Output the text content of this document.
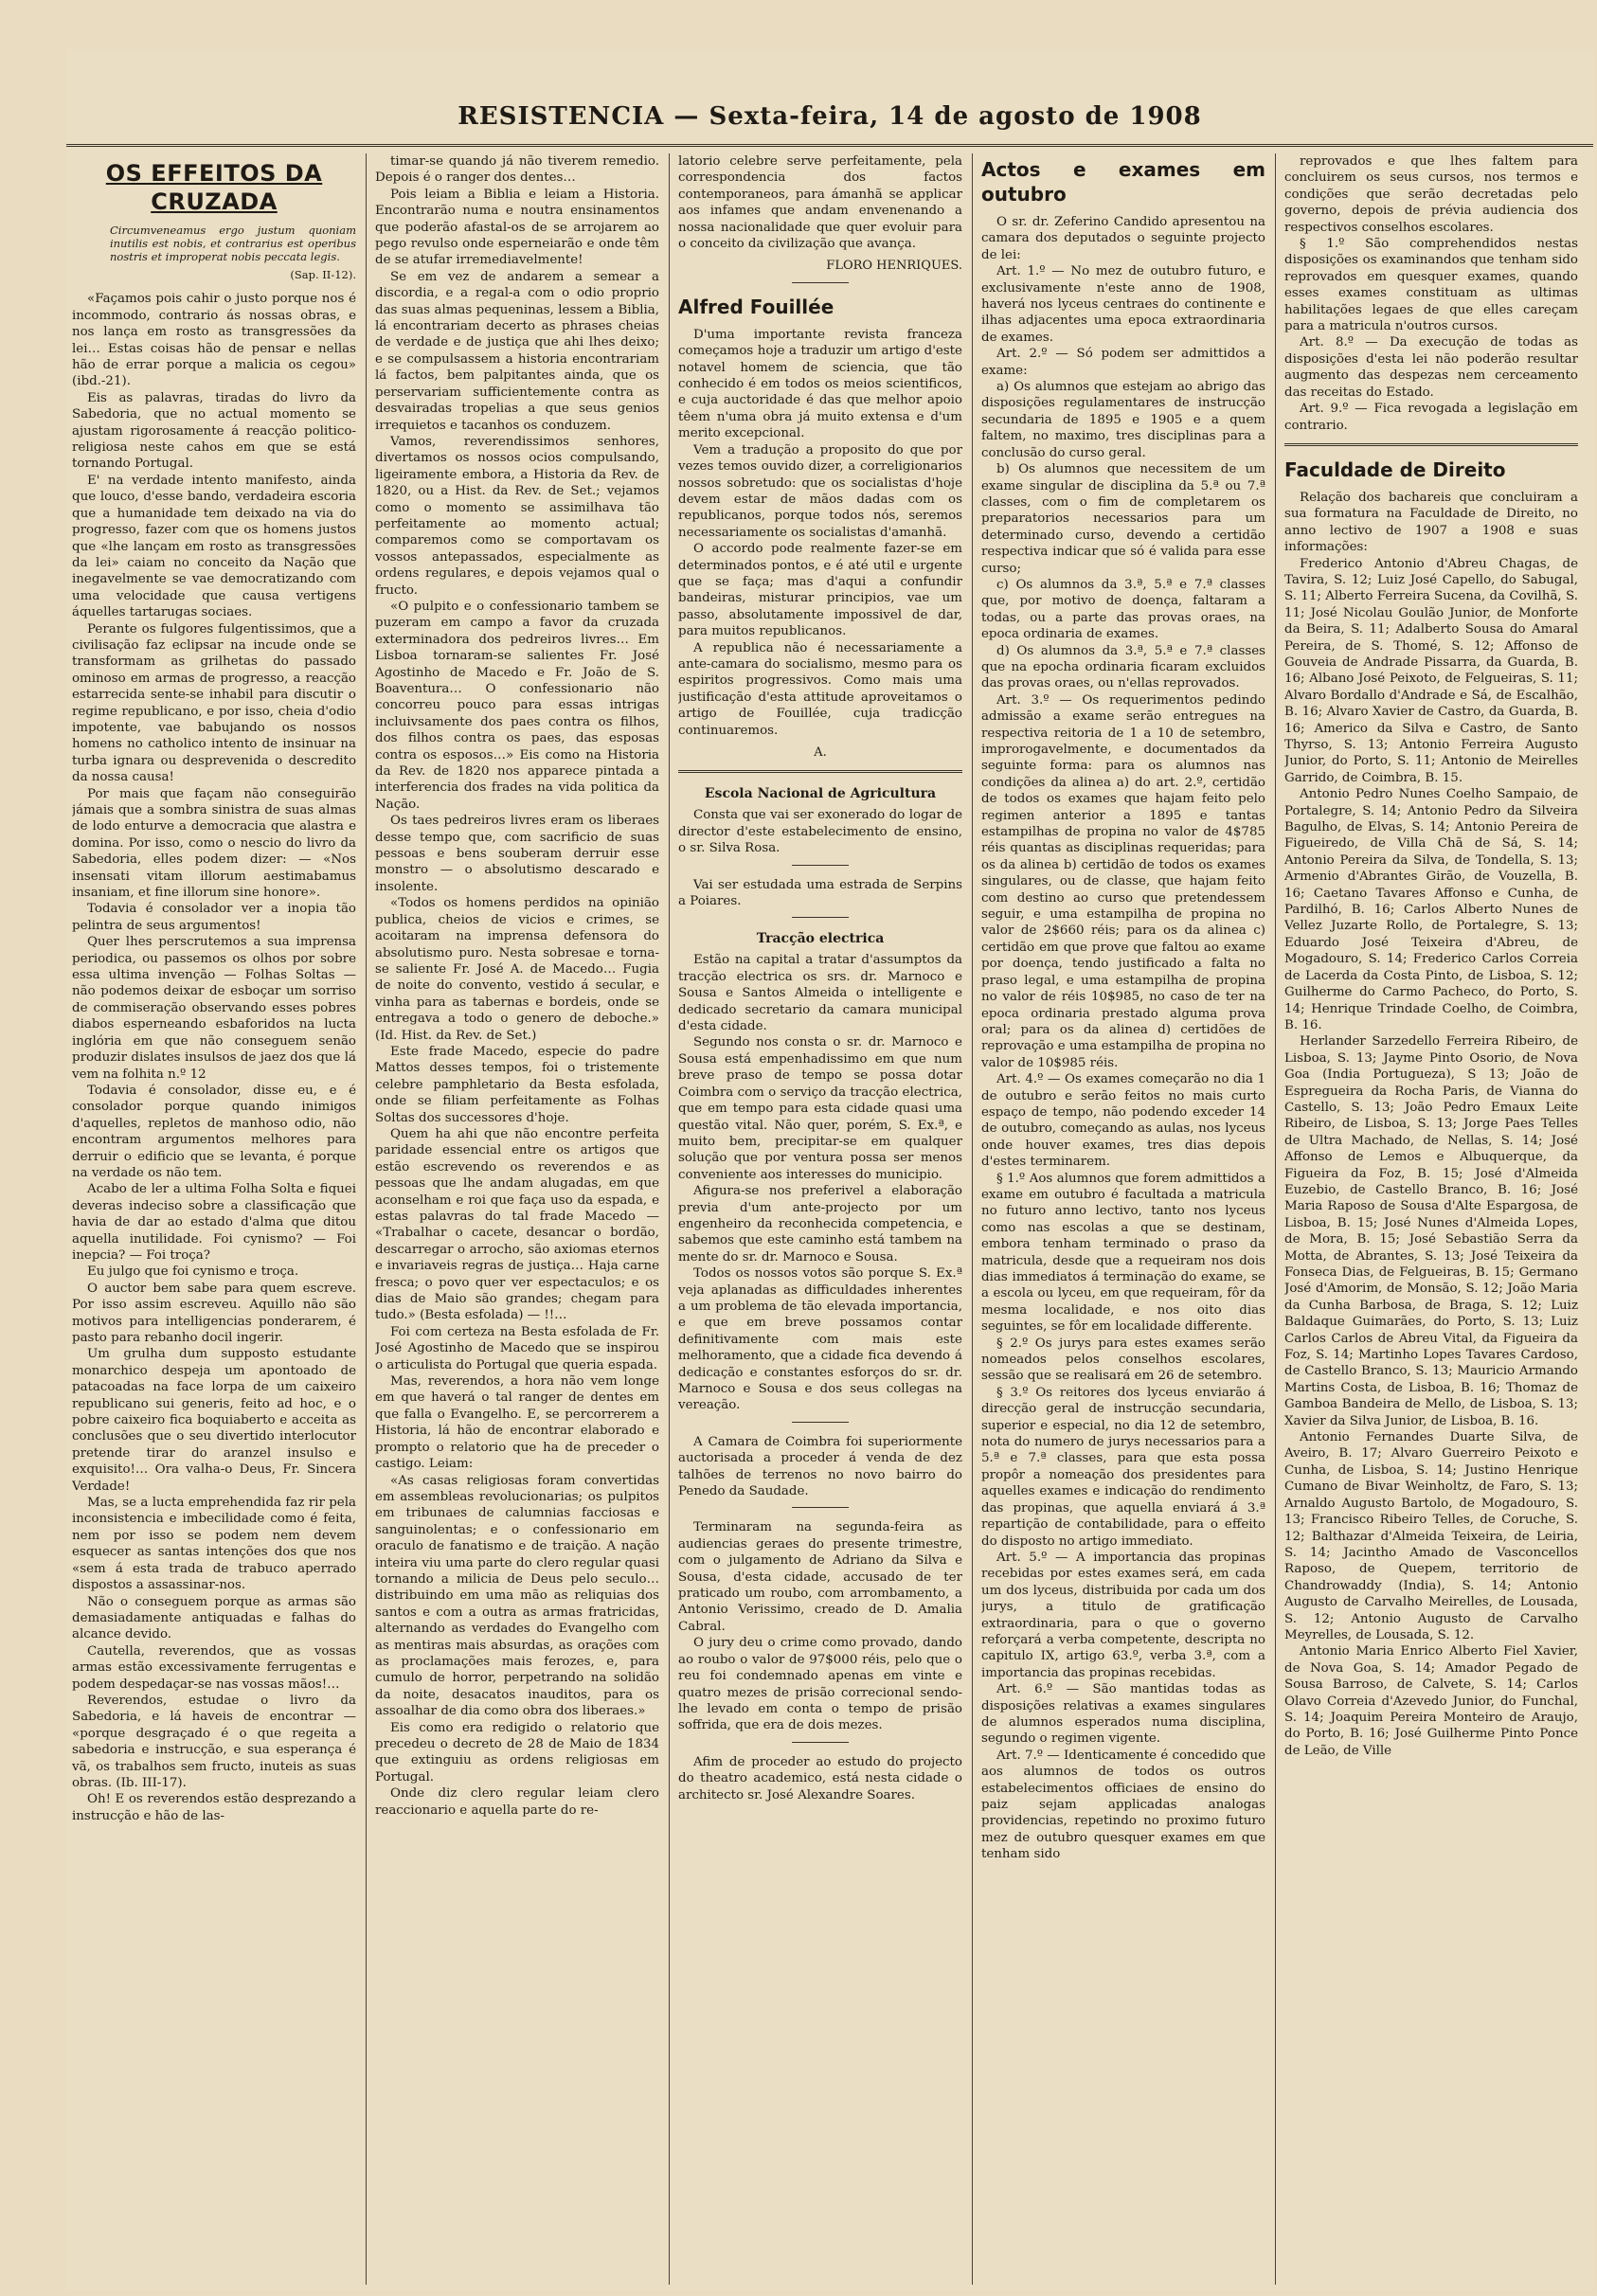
RESISTENCIA — Sexta-feira, 14 de agosto de 1908
OS EFFEITOS DA CRUZADA
Circumveneamus ergo justum quoniam inutilis est nobis, et contrarius est operibus nostris et improperat nobis peccata legis.
(Sap. II-12).

«Façamos pois cahir o justo porque nos é incommodo, contrario ás nossas obras, e nos lança em rosto as transgressões da lei… Estas coisas hão de pensar e nellas hão de errar porque a malicia os cegou» (ibd.-21).

Eis as palavras, tiradas do livro da Sabedoria, que no actual momento se ajustam rigorosamente á reacção politico-religiosa neste cahos em que se está tornando Portugal.

E' na verdade intento manifesto, ainda que louco, d'esse bando, verdadeira escoria que a humanidade tem deixado na via do progresso, fazer com que os homens justos que «lhe lançam em rosto as transgressões da lei» caiam no conceito da Nação que inegavelmente se vae democratizando com uma velocidade que causa vertigens áquelles tartarugas sociaes.

Perante os fulgores fulgentissimos, que a civilisação faz eclipsar na incude onde se transformam as grilhetas do passado ominoso em armas de progresso, a reacção estarrecida sente-se inhabil para discutir o regime republicano, e por isso, cheia d'odio impotente, vae babujando os nossos homens no catholico intento de insinuar na turba ignara ou desprevenida o descredito da nossa causa!

Por mais que façam não conseguirão jámais que a sombra sinistra de suas almas de lodo enturve a democracia que alastra e domina. Por isso, como o nescio do livro da Sabedoria, elles podem dizer: — «Nos insensati vitam illorum aestimabamus insaniam, et fine illorum sine honore».

Todavia é consolador ver a inopia tão pelintra de seus argumentos!

Quer lhes perscrutemos a sua imprensa periodica, ou passemos os olhos por sobre essa ultima invenção — Folhas Soltas — não podemos deixar de esboçar um sorriso de commiseração observando esses pobres diabos esperneando esbaforidos na lucta inglória em que não conseguem senão produzir dislates insulsos de jaez dos que lá vem na folhita n.º 12

Todavia é consolador, disse eu, e é consolador porque quando inimigos d'aquelles, repletos de manhoso odio, não encontram argumentos melhores para derruir o edificio que se levanta, é porque na verdade os não tem.

Acabo de ler a ultima Folha Solta e fiquei deveras indeciso sobre a classificação que havia de dar ao estado d'alma que ditou aquella inutilidade. Foi cynismo? — Foi inepcia? — Foi troça?

Eu julgo que foi cynismo e troça.

O auctor bem sabe para quem escreve. Por isso assim escreveu. Aquillo não são motivos para intelligencias ponderarem, é pasto para rebanho docil ingerir.

Um grulha dum supposto estudante monarchico despeja um apontoado de patacoadas na face lorpa de um caixeiro republicano sui generis, feito ad hoc, e o pobre caixeiro fica boquiaberto e acceita as conclusões que o seu divertido interlocutor pretende tirar do aranzel insulso e exquisito!… Ora valha-o Deus, Fr. Sincera Verdade!

Mas, se a lucta emprehendida faz rir pela inconsistencia e imbecilidade como é feita, nem por isso se podem nem devem esquecer as santas intenções dos que nos «sem á esta trada de trabuco aperrado dispostos a assassinar-nos.

Não o conseguem porque as armas são demasiadamente antiquadas e falhas do alcance devido.

Cautella, reverendos, que as vossas armas estão excessivamente ferrugentas e podem despedaçar-se nas vossas mãos!…

Reverendos, estudae o livro da Sabedoria, e lá haveis de encontrar — «porque desgraçado é o que regeita a sabedoria e instrucção, e sua esperança é vã, os trabalhos sem fructo, inuteis as suas obras. (Ib. III-17).

Oh! E os reverendos estão desprezando a instrucção e hão de las-

timar-se quando já não tiverem remedio. Depois é o ranger dos dentes…

Pois leiam a Biblia e leiam a Historia. Encontrarão numa e noutra ensinamentos que poderão afastal-os de se arrojarem ao pego revulso onde esperneiarão e onde têm de se atufar irremediavelmente!

Se em vez de andarem a semear a discordia, e a regal-a com o odio proprio das suas almas pequeninas, lessem a Biblia, lá encontrariam decerto as phrases cheias de verdade e de justiça que ahi lhes deixo; e se compulsassem a historia encontrariam lá factos, bem palpitantes ainda, que os perservariam sufficientemente contra as desvairadas tropelias a que seus genios irrequietos e tacanhos os conduzem.

Vamos, reverendissimos senhores, divertamos os nossos ocios compulsando, ligeiramente embora, a Historia da Rev. de 1820, ou a Hist. da Rev. de Set.; vejamos como o momento se assimilhava tão perfeitamente ao momento actual; comparemos como se comportavam os vossos antepassados, especialmente as ordens regulares, e depois vejamos qual o fructo.

«O pulpito e o confessionario tambem se puzeram em campo a favor da cruzada exterminadora dos pedreiros livres… Em Lisboa tornaram-se salientes Fr. José Agostinho de Macedo e Fr. João de S. Boaventura… O confessionario não concorreu pouco para essas intrigas incluivsamente dos paes contra os filhos, dos filhos contra os paes, das esposas contra os esposos…» Eis como na Historia da Rev. de 1820 nos apparece pintada a interferencia dos frades na vida politica da Nação.

Os taes pedreiros livres eram os liberaes desse tempo que, com sacrificio de suas pessoas e bens souberam derruir esse monstro — o absolutismo descarado e insolente.

«Todos os homens perdidos na opinião publica, cheios de vicios e crimes, se acoitaram na imprensa defensora do absolutismo puro. Nesta sobresae e torna-se saliente Fr. José A. de Macedo… Fugia de noite do convento, vestido á secular, e vinha para as tabernas e bordeis, onde se entregava a todo o genero de deboche.» (Id. Hist. da Rev. de Set.)

Este frade Macedo, especie do padre Mattos desses tempos, foi o tristemente celebre pamphletario da Besta esfolada, onde se filiam perfeitamente as Folhas Soltas dos successores d'hoje.

Quem ha ahi que não encontre perfeita paridade essencial entre os artigos que estão escrevendo os reverendos e as pessoas que lhe andam alugadas, em que aconselham e roi que faça uso da espada, e estas palavras do tal frade Macedo — «Trabalhar o cacete, desancar o bordão, descarregar o arrocho, são axiomas eternos e invariaveis regras de justiça… Haja carne fresca; o povo quer ver espectaculos; e os dias de Maio são grandes; chegam para tudo.» (Besta esfolada) — !!…

Foi com certeza na Besta esfolada de Fr. José Agostinho de Macedo que se inspirou o articulista do Portugal que queria espada.

Mas, reverendos, a hora não vem longe em que haverá o tal ranger de dentes em que falla o Evangelho. E, se percorrerem a Historia, lá hão de encontrar elaborado e prompto o relatorio que ha de preceder o castigo. Leiam:

«As casas religiosas foram convertidas em assembleas revolucionarias; os pulpitos em tribunaes de calumnias facciosas e sanguinolentas; e o confessionario em oraculo de fanatismo e de traição. A nação inteira viu uma parte do clero regular quasi tornando a milicia de Deus pelo seculo… distribuindo em uma mão as reliquias dos santos e com a outra as armas fratricidas, alternando as verdades do Evangelho com as mentiras mais absurdas, as orações com as proclamações mais ferozes, e, para cumulo de horror, perpetrando na solidão da noite, desacatos inauditos, para os assoalhar de dia como obra dos liberaes.»

Eis como era redigido o relatorio que precedeu o decreto de 28 de Maio de 1834 que extinguiu as ordens religiosas em Portugal.

Onde diz clero regular leiam clero reaccionario e aquella parte do re-

latorio celebre serve perfeitamente, pela correspondencia dos factos contemporaneos, para ámanhã se applicar aos infames que andam envenenando a nossa nacionalidade que quer evoluir para o conceito da civilização que avança.

FLORO HENRIQUES.
Alfred Fouillée

D'uma importante revista franceza começamos hoje a traduzir um artigo d'este notavel homem de sciencia, que tão conhecido é em todos os meios scientificos, e cuja auctoridade é das que melhor apoio têem n'uma obra já muito extensa e d'um merito excepcional.

Vem a tradução a proposito do que por vezes temos ouvido dizer, a correligionarios nossos sobretudo: que os socialistas d'hoje devem estar de mãos dadas com os republicanos, porque todos nós, seremos necessariamente os socialistas d'amanhã.

O accordo pode realmente fazer-se em determinados pontos, e é até util e urgente que se faça; mas d'aqui a confundir bandeiras, misturar principios, vae um passo, absolutamente impossivel de dar, para muitos republicanos.

A republica não é necessariamente a ante-camara do socialismo, mesmo para os espiritos progressivos. Como mais uma justificação d'esta attitude aproveitamos o artigo de Fouillée, cuja tradicção continuaremos.

A.
Escola Nacional de Agricultura

Consta que vai ser exonerado do logar de director d'este estabelecimento de ensino, o sr. Silva Rosa.

Vai ser estudada uma estrada de Serpins a Poiares.

Tracção electrica

Estão na capital a tratar d'assumptos da tracção electrica os srs. dr. Marnoco e Sousa e Santos Almeida o intelligente e dedicado secretario da camara municipal d'esta cidade.

Segundo nos consta o sr. dr. Marnoco e Sousa está empenhadissimo em que num breve praso de tempo se possa dotar Coimbra com o serviço da tracção electrica, que em tempo para esta cidade quasi uma questão vital. Não quer, porém, S. Ex.ª, e muito bem, precipitar-se em qualquer solução que por ventura possa ser menos conveniente aos interesses do municipio.

Afigura-se nos preferivel a elaboração previa d'um ante-projecto por um engenheiro da reconhecida competencia, e sabemos que este caminho está tambem na mente do sr. dr. Marnoco e Sousa.

Todos os nossos votos são porque S. Ex.ª veja aplanadas as difficuldades inherentes a um problema de tão elevada importancia, e que em breve possamos contar definitivamente com mais este melhoramento, que a cidade fica devendo á dedicação e constantes esforços do sr. dr. Marnoco e Sousa e dos seus collegas na vereação.

A Camara de Coimbra foi superiormente auctorisada a proceder á venda de dez talhões de terrenos no novo bairro do Penedo da Saudade.

Terminaram na segunda-feira as audiencias geraes do presente trimestre, com o julgamento de Adriano da Silva e Sousa, d'esta cidade, accusado de ter praticado um roubo, com arrombamento, a Antonio Verissimo, creado de D. Amalia Cabral.

O jury deu o crime como provado, dando ao roubo o valor de 97$000 réis, pelo que o reu foi condemnado apenas em vinte e quatro mezes de prisão correcional sendo-lhe levado em conta o tempo de prisão soffrida, que era de dois mezes.

Afim de proceder ao estudo do projecto do theatro academico, está nesta cidade o architecto sr. José Alexandre Soares.

Actos e exames em outubro

O sr. dr. Zeferino Candido apresentou na camara dos deputados o seguinte projecto de lei:

Art. 1.º — No mez de outubro futuro, e exclusivamente n'este anno de 1908, haverá nos lyceus centraes do continente e ilhas adjacentes uma epoca extraordinaria de exames.

Art. 2.º — Só podem ser admittidos a exame:

a) Os alumnos que estejam ao abrigo das disposições regulamentares de instrucção secundaria de 1895 e 1905 e a quem faltem, no maximo, tres disciplinas para a conclusão do curso geral.

b) Os alumnos que necessitem de um exame singular de disciplina da 5.ª ou 7.ª classes, com o fim de completarem os preparatorios necessarios para um determinado curso, devendo a certidão respectiva indicar que só é valida para esse curso;

c) Os alumnos da 3.ª, 5.ª e 7.ª classes que, por motivo de doença, faltaram a todas, ou a parte das provas oraes, na epoca ordinaria de exames.

d) Os alumnos da 3.ª, 5.ª e 7.ª classes que na epocha ordinaria ficaram excluidos das provas oraes, ou n'ellas reprovados.

Art. 3.º — Os requerimentos pedindo admissão a exame serão entregues na respectiva reitoria de 1 a 10 de setembro, improrogavelmente, e documentados da seguinte forma: para os alumnos nas condições da alinea a) do art. 2.º, certidão de todos os exames que hajam feito pelo regimen anterior a 1895 e tantas estampilhas de propina no valor de 4$785 réis quantas as disciplinas requeridas; para os da alinea b) certidão de todos os exames singulares, ou de classe, que hajam feito com destino ao curso que pretendessem seguir, e uma estampilha de propina no valor de 2$660 réis; para os da alinea c) certidão em que prove que faltou ao exame por doença, tendo justificado a falta no praso legal, e uma estampilha de propina no valor de réis 10$985, no caso de ter na epoca ordinaria prestado alguma prova oral; para os da alinea d) certidões de reprovação e uma estampilha de propina no valor de 10$985 réis.

Art. 4.º — Os exames começarão no dia 1 de outubro e serão feitos no mais curto espaço de tempo, não podendo exceder 14 de outubro, começando as aulas, nos lyceus onde houver exames, tres dias depois d'estes terminarem.

§ 1.º Aos alumnos que forem admittidos a exame em outubro é facultada a matricula no futuro anno lectivo, tanto nos lyceus como nas escolas a que se destinam, embora tenham terminado o praso da matricula, desde que a requeiram nos dois dias immediatos á terminação do exame, se a escola ou lyceu, em que requeiram, fôr da mesma localidade, e nos oito dias seguintes, se fôr em localidade differente.

§ 2.º Os jurys para estes exames serão nomeados pelos conselhos escolares, sessão que se realisará em 26 de setembro.

§ 3.º Os reitores dos lyceus enviarão á direcção geral de instrucção secundaria, superior e especial, no dia 12 de setembro, nota do numero de jurys necessarios para a 5.ª e 7.ª classes, para que esta possa propôr a nomeação dos presidentes para aquelles exames e indicação do rendimento das propinas, que aquella enviará á 3.ª repartição de contabilidade, para o effeito do disposto no artigo immediato.

Art. 5.º — A importancia das propinas recebidas por estes exames será, em cada um dos lyceus, distribuida por cada um dos jurys, a titulo de gratificação extraordinaria, para o que o governo reforçará a verba competente, descripta no capitulo IX, artigo 63.º, verba 3.ª, com a importancia das propinas recebidas.

Art. 6.º — São mantidas todas as disposições relativas a exames singulares de alumnos esperados numa disciplina, segundo o regimen vigente.

Art. 7.º — Identicamente é concedido que aos alumnos de todos os outros estabelecimentos officiaes de ensino do paiz sejam applicadas analogas providencias, repetindo no proximo futuro mez de outubro quesquer exames em que tenham sido

reprovados e que lhes faltem para concluirem os seus cursos, nos termos e condições que serão decretadas pelo governo, depois de prévia audiencia dos respectivos conselhos escolares.

§ 1.º São comprehendidos nestas disposições os examinandos que tenham sido reprovados em quesquer exames, quando esses exames constituam as ultimas habilitações legaes de que elles careçam para a matricula n'outros cursos.

Art. 8.º — Da execução de todas as disposições d'esta lei não poderão resultar augmento das despezas nem cerceamento das receitas do Estado.

Art. 9.º — Fica revogada a legislação em contrario.

Faculdade de Direito

Relação dos bachareis que concluiram a sua formatura na Faculdade de Direito, no anno lectivo de 1907 a 1908 e suas informações:

Frederico Antonio d'Abreu Chagas, de Tavira, S. 12; Luiz José Capello, do Sabugal, S. 11; Alberto Ferreira Sucena, da Covilhã, S. 11; José Nicolau Goulão Junior, de Monforte da Beira, S. 11; Adalberto Sousa do Amaral Pereira, de S. Thomé, S. 12; Affonso de Gouveia de Andrade Pissarra, da Guarda, B. 16; Albano José Peixoto, de Felgueiras, S. 11; Alvaro Bordallo d'Andrade e Sá, de Escalhão, B. 16; Alvaro Xavier de Castro, da Guarda, B. 16; Americo da Silva e Castro, de Santo Thyrso, S. 13; Antonio Ferreira Augusto Junior, do Porto, S. 11; Antonio de Meirelles Garrido, de Coimbra, B. 15.

Antonio Pedro Nunes Coelho Sampaio, de Portalegre, S. 14; Antonio Pedro da Silveira Bagulho, de Elvas, S. 14; Antonio Pereira de Figueiredo, de Villa Chã de Sá, S. 14; Antonio Pereira da Silva, de Tondella, S. 13; Armenio d'Abrantes Girão, de Vouzella, B. 16; Caetano Tavares Affonso e Cunha, de Pardilhó, B. 16; Carlos Alberto Nunes de Vellez Juzarte Rollo, de Portalegre, S. 13; Eduardo José Teixeira d'Abreu, de Mogadouro, S. 14; Frederico Carlos Correia de Lacerda da Costa Pinto, de Lisboa, S. 12; Guilherme do Carmo Pacheco, do Porto, S. 14; Henrique Trindade Coelho, de Coimbra, B. 16.

Herlander Sarzedello Ferreira Ribeiro, de Lisboa, S. 13; Jayme Pinto Osorio, de Nova Goa (India Portugueza), S 13; João de Espregueira da Rocha Paris, de Vianna do Castello, S. 13; João Pedro Emaux Leite Ribeiro, de Lisboa, S. 13; Jorge Paes Telles de Ultra Machado, de Nellas, S. 14; José Affonso de Lemos e Albuquerque, da Figueira da Foz, B. 15; José d'Almeida Euzebio, de Castello Branco, B. 16; José Maria Raposo de Sousa d'Alte Espargosa, de Lisboa, B. 15; José Nunes d'Almeida Lopes, de Mora, B. 15; José Sebastião Serra da Motta, de Abrantes, S. 13; José Teixeira da Fonseca Dias, de Felgueiras, B. 15; Germano José d'Amorim, de Monsão, S. 12; João Maria da Cunha Barbosa, de Braga, S. 12; Luiz Baldaque Guimarães, do Porto, S. 13; Luiz Carlos Carlos de Abreu Vital, da Figueira da Foz, S. 14; Martinho Lopes Tavares Cardoso, de Castello Branco, S. 13; Mauricio Armando Martins Costa, de Lisboa, B. 16; Thomaz de Gamboa Bandeira de Mello, de Lisboa, S. 13; Xavier da Silva Junior, de Lisboa, B. 16.

Antonio Fernandes Duarte Silva, de Aveiro, B. 17; Alvaro Guerreiro Peixoto e Cunha, de Lisboa, S. 14; Justino Henrique Cumano de Bivar Weinholtz, de Faro, S. 13; Arnaldo Augusto Bartolo, de Mogadouro, S. 13; Francisco Ribeiro Telles, de Coruche, S. 12; Balthazar d'Almeida Teixeira, de Leiria, S. 14; Jacintho Amado de Vasconcellos Raposo, de Quepem, territorio de Chandrowaddy (India), S. 14; Antonio Augusto de Carvalho Meirelles, de Lousada, S. 12; Antonio Augusto de Carvalho Meyrelles, de Lousada, S. 12.

Antonio Maria Enrico Alberto Fiel Xavier, de Nova Goa, S. 14; Amador Pegado de Sousa Barroso, de Calvete, S. 14; Carlos Olavo Correia d'Azevedo Junior, do Funchal, S. 14; Joaquim Pereira Monteiro de Araujo, do Porto, B. 16; José Guilherme Pinto Ponce de Leão, de Ville
